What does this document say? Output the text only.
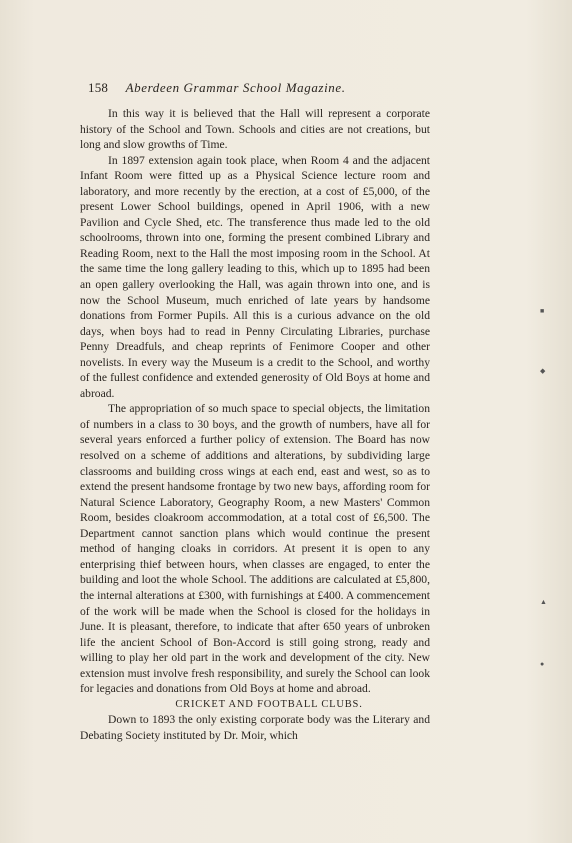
158 Aberdeen Grammar School Magazine.

In this way it is believed that the Hall will represent a corporate history of the School and Town. Schools and cities are not creations, but long and slow growths of Time.

In 1897 extension again took place, when Room 4 and the adjacent Infant Room were fitted up as a Physical Science lecture room and laboratory, and more recently by the erection, at a cost of £5,000, of the present Lower School buildings, opened in April 1906, with a new Pavilion and Cycle Shed, etc. The transference thus made led to the old schoolrooms, thrown into one, forming the present combined Library and Reading Room, next to the Hall the most imposing room in the School. At the same time the long gallery leading to this, which up to 1895 had been an open gallery overlooking the Hall, was again thrown into one, and is now the School Museum, much enriched of late years by handsome donations from Former Pupils. All this is a curious advance on the old days, when boys had to read in Penny Circulating Libraries, purchase Penny Dreadfuls, and cheap reprints of Fenimore Cooper and other novelists. In every way the Museum is a credit to the School, and worthy of the fullest confidence and extended generosity of Old Boys at home and abroad.

The appropriation of so much space to special objects, the limitation of numbers in a class to 30 boys, and the growth of numbers, have all for several years enforced a further policy of extension. The Board has now resolved on a scheme of additions and alterations, by subdividing large classrooms and building cross wings at each end, east and west, so as to extend the present handsome frontage by two new bays, affording room for Natural Science Laboratory, Geography Room, a new Masters' Common Room, besides cloakroom accommodation, at a total cost of £6,500. The Department cannot sanction plans which would continue the present method of hanging cloaks in corridors. At present it is open to any enterprising thief between hours, when classes are engaged, to enter the building and loot the whole School. The additions are calculated at £5,800, the internal alterations at £300, with furnishings at £400. A commencement of the work will be made when the School is closed for the holidays in June. It is pleasant, therefore, to indicate that after 650 years of unbroken life the ancient School of Bon-Accord is still going strong, ready and willing to play her old part in the work and development of the city. New extension must involve fresh responsibility, and surely the School can look for legacies and donations from Old Boys at home and abroad.

CRICKET AND FOOTBALL CLUBS.

Down to 1893 the only existing corporate body was the Literary and Debating Society instituted by Dr. Moir, which

■
◆
▲
●
